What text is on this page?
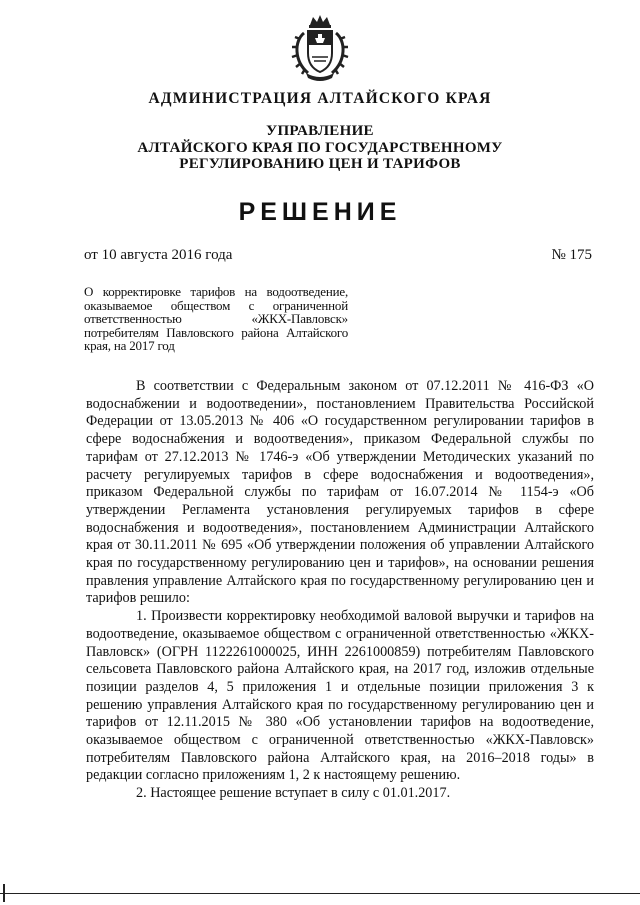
АДМИНИСТРАЦИЯ АЛТАЙСКОГО КРАЯ
УПРАВЛЕНИЕ
АЛТАЙСКОГО КРАЯ ПО ГОСУДАРСТВЕННОМУ
РЕГУЛИРОВАНИЮ ЦЕН И ТАРИФОВ
РЕШЕНИЕ
от 10 августа 2016 года	№ 175
О корректировке тарифов на водоотведение, оказываемое обществом с ограниченной ответственностью «ЖКХ-Павловск» потребителям Павловского района Алтайского края, на 2017 год

В соответствии с Федеральным законом от 07.12.2011 № 416-ФЗ «О водоснабжении и водоотведении», постановлением Правительства Российской Федерации от 13.05.2013 № 406 «О государственном регулировании тарифов в сфере водоснабжения и водоотведения», приказом Федеральной службы по тарифам от 27.12.2013 № 1746-э «Об утверждении Методических указаний по расчету регулируемых тарифов в сфере водоснабжения и водоотведения», приказом Федеральной службы по тарифам от 16.07.2014 № 1154-э «Об утверждении Регламента установления регулируемых тарифов в сфере водоснабжения и водоотведения», постановлением Администрации Алтайского края от 30.11.2011 № 695 «Об утверждении положения об управлении Алтайского края по государственному регулированию цен и тарифов», на основании решения правления управление Алтайского края по государственному регулированию цен и тарифов решило:

1. Произвести корректировку необходимой валовой выручки и тарифов на водоотведение, оказываемое обществом с ограниченной ответственностью «ЖКХ-Павловск» (ОГРН 1122261000025, ИНН 2261000859) потребителям Павловского сельсовета Павловского района Алтайского края, на 2017 год, изложив отдельные позиции разделов 4, 5 приложения 1 и отдельные позиции приложения 3 к решению управления Алтайского края по государственному регулированию цен и тарифов от 12.11.2015 № 380 «Об установлении тарифов на водоотведение, оказываемое обществом с ограниченной ответственностью «ЖКХ-Павловск» потребителям Павловского района Алтайского края, на 2016–2018 годы» в редакции согласно приложениям 1, 2 к настоящему решению.

2. Настоящее решение вступает в силу с 01.01.2017.
